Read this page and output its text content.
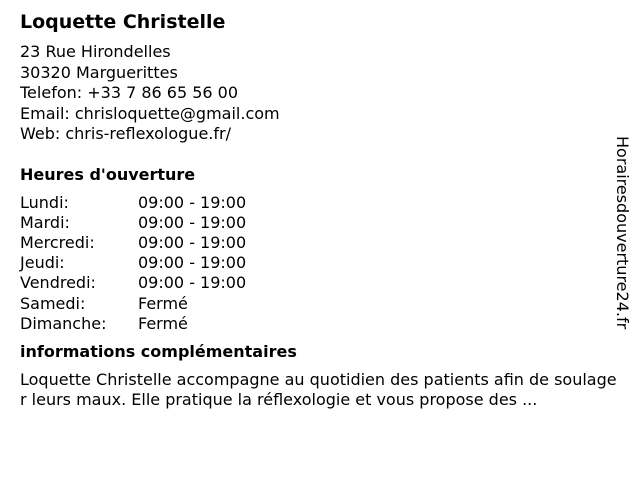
Loquette Christelle
23 Rue Hirondelles
30320 Marguerittes
Telefon: +33 7 86 65 56 00
Email: chrisloquette@gmail.com
Web: chris-reflexologue.fr/
Heures d'ouverture
Lundi:	09:00 - 19:00
Mardi:	09:00 - 19:00
Mercredi:	09:00 - 19:00
Jeudi:	09:00 - 19:00
Vendredi:	09:00 - 19:00
Samedi:	Fermé
Dimanche:	Fermé
informations complémentaires
Loquette Christelle accompagne au quotidien des patients afin de soulager leurs maux. Elle pratique la réflexologie et vous propose des ...
Horairesdouverture24.fr
